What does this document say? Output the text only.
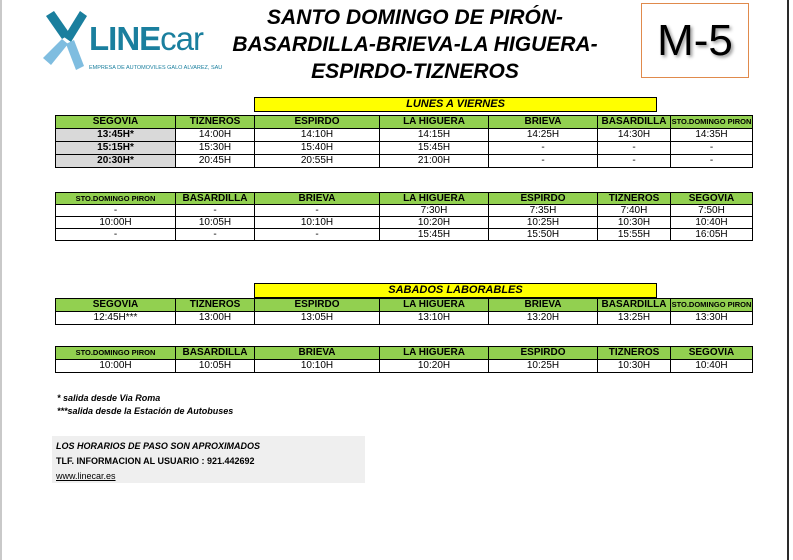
LINEcar
EMPRESA DE AUTOMOVILES GALO ALVAREZ, SAU
SANTO DOMINGO DE PIRÓN-
BASARDILLA-BRIEVA-LA HIGUERA-
ESPIRDO-TIZNEROS
M-5
LUNES A VIERNES
SEGOVIA	TIZNEROS	ESPIRDO	LA HIGUERA	BRIEVA	BASARDILLA	STO.DOMINGO PIRON
13:45H*	14:00H	14:10H	14:15H	14:25H	14:30H	14:35H
15:15H*	15:30H	15:40H	15:45H	-	-	-
20:30H*	20:45H	20:55H	21:00H	-	-	-
STO.DOMINGO PIRON	BASARDILLA	BRIEVA	LA HIGUERA	ESPIRDO	TIZNEROS	SEGOVIA
-	-	-	7:30H	7:35H	7:40H	7:50H
10:00H	10:05H	10:10H	10:20H	10:25H	10:30H	10:40H
-	-	-	15:45H	15:50H	15:55H	16:05H
SABADOS LABORABLES
SEGOVIA	TIZNEROS	ESPIRDO	LA HIGUERA	BRIEVA	BASARDILLA	STO.DOMINGO PIRON
12:45H***	13:00H	13:05H	13:10H	13:20H	13:25H	13:30H
STO.DOMINGO PIRON	BASARDILLA	BRIEVA	LA HIGUERA	ESPIRDO	TIZNEROS	SEGOVIA
10:00H	10:05H	10:10H	10:20H	10:25H	10:30H	10:40H
* salida desde Via Roma
***salida desde la Estación de Autobuses
LOS HORARIOS DE PASO SON APROXIMADOS
TLF. INFORMACION AL USUARIO : 921.442692
www.linecar.es
